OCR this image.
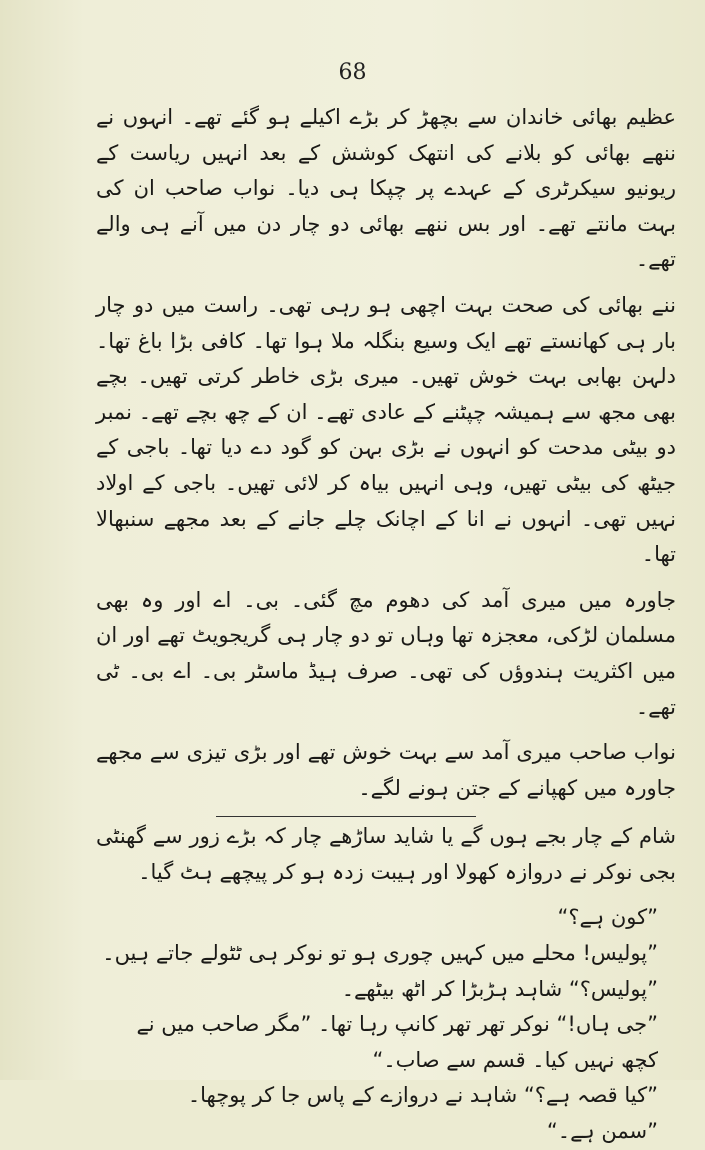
68

عظیم بھائی خاندان سے بچھڑ کر بڑے اکیلے ہو گئے تھے۔ انہوں نے ننھے بھائی کو بلانے کی انتھک کوشش کے بعد انہیں ریاست کے ریونیو سیکرٹری کے عہدے پر چپکا ہی دیا۔ نواب صاحب ان کی بہت مانتے تھے۔ اور بس ننھے بھائی دو چار دن میں آنے ہی والے تھے۔

ننے بھائی کی صحت بہت اچھی ہو رہی تھی۔ راست میں دو چار بار ہی کھانستے تھے ایک وسیع بنگلہ ملا ہوا تھا۔ کافی بڑا باغ تھا۔ دلہن بھابی بہت خوش تھیں۔ میری بڑی خاطر کرتی تھیں۔ بچے بھی مجھ سے ہمیشہ چپٹنے کے عادی تھے۔ ان کے چھ بچے تھے۔ نمبر دو بیٹی مدحت کو انہوں نے بڑی بہن کو گود دے دیا تھا۔ باجی کے جیٹھ کی بیٹی تھیں، وہی انہیں بیاہ کر لائی تھیں۔ باجی کے اولاد نہیں تھی۔ انہوں نے انا کے اچانک چلے جانے کے بعد مجھے سنبھالا تھا۔

جاورہ میں میری آمد کی دھوم مچ گئی۔ بی۔ اے اور وہ بھی مسلمان لڑکی، معجزہ تھا وہاں تو دو چار ہی گریجویٹ تھے اور ان میں اکثریت ہندوؤں کی تھی۔ صرف ہیڈ ماسٹر بی۔ اے بی۔ ٹی تھے۔

نواب صاحب میری آمد سے بہت خوش تھے اور بڑی تیزی سے مجھے جاورہ میں کھپانے کے جتن ہونے لگے۔

شام کے چار بجے ہوں گے یا شاید ساڑھے چار کہ بڑے زور سے گھنٹی بجی نوکر نے دروازہ کھولا اور ہیبت زدہ ہو کر پیچھے ہٹ گیا۔

”کون ہے؟“

”پولیس! محلے میں کہیں چوری ہو تو نوکر ہی ٹٹولے جاتے ہیں۔

”پولیس؟“ شاہد ہڑبڑا کر اٹھ بیٹھے۔

”جی ہاں!“ نوکر تھر تھر کانپ رہا تھا۔ ”مگر صاحب میں نے کچھ نہیں کیا۔ قسم سے صاب۔“

”کیا قصہ ہے؟“ شاہد نے دروازے کے پاس جا کر پوچھا۔

”سمن ہے۔“
